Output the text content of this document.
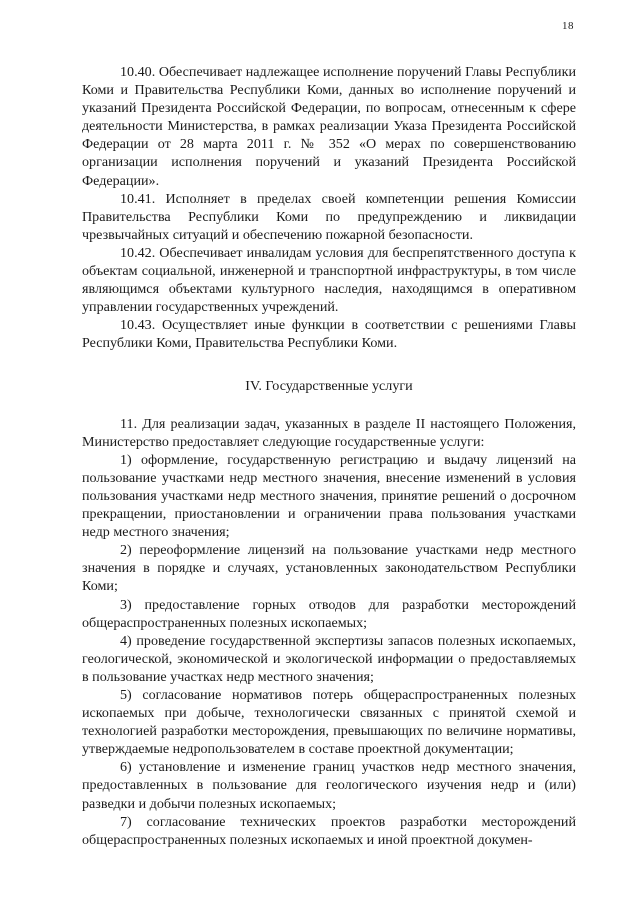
18

10.40. Обеспечивает надлежащее исполнение поручений Главы Республики Коми и Правительства Республики Коми, данных во исполнение поручений и указаний Президента Российской Федерации, по вопросам, отнесенным к сфере деятельности Министерства, в рамках реализации Указа Президента Российской Федерации от 28 марта 2011 г. № 352 «О мерах по совершенствованию организации исполнения поручений и указаний Президента Российской Федерации».

10.41. Исполняет в пределах своей компетенции решения Комиссии Правительства Республики Коми по предупреждению и ликвидации чрезвычайных ситуаций и обеспечению пожарной безопасности.

10.42. Обеспечивает инвалидам условия для беспрепятственного доступа к объектам социальной, инженерной и транспортной инфраструктуры, в том числе являющимся объектами культурного наследия, находящимся в оперативном управлении государственных учреждений.

10.43. Осуществляет иные функции в соответствии с решениями Главы Республики Коми, Правительства Республики Коми.

IV. Государственные услуги

11. Для реализации задач, указанных в разделе II настоящего Положения, Министерство предоставляет следующие государственные услуги:

1) оформление, государственную регистрацию и выдачу лицензий на пользование участками недр местного значения, внесение изменений в условия пользования участками недр местного значения, принятие решений о досрочном прекращении, приостановлении и ограничении права пользования участками недр местного значения;

2) переоформление лицензий на пользование участками недр местного значения в порядке и случаях, установленных законодательством Республики Коми;

3) предоставление горных отводов для разработки месторождений общераспространенных полезных ископаемых;

4) проведение государственной экспертизы запасов полезных ископаемых, геологической, экономической и экологической информации о предоставляемых в пользование участках недр местного значения;

5) согласование нормативов потерь общераспространенных полезных ископаемых при добыче, технологически связанных с принятой схемой и технологией разработки месторождения, превышающих по величине нормативы, утверждаемые недропользователем в составе проектной документации;

6) установление и изменение границ участков недр местного значения, предоставленных в пользование для геологического изучения недр и (или) разведки и добычи полезных ископаемых;

7) согласование технических проектов разработки месторождений общераспространенных полезных ископаемых и иной проектной докумен-
